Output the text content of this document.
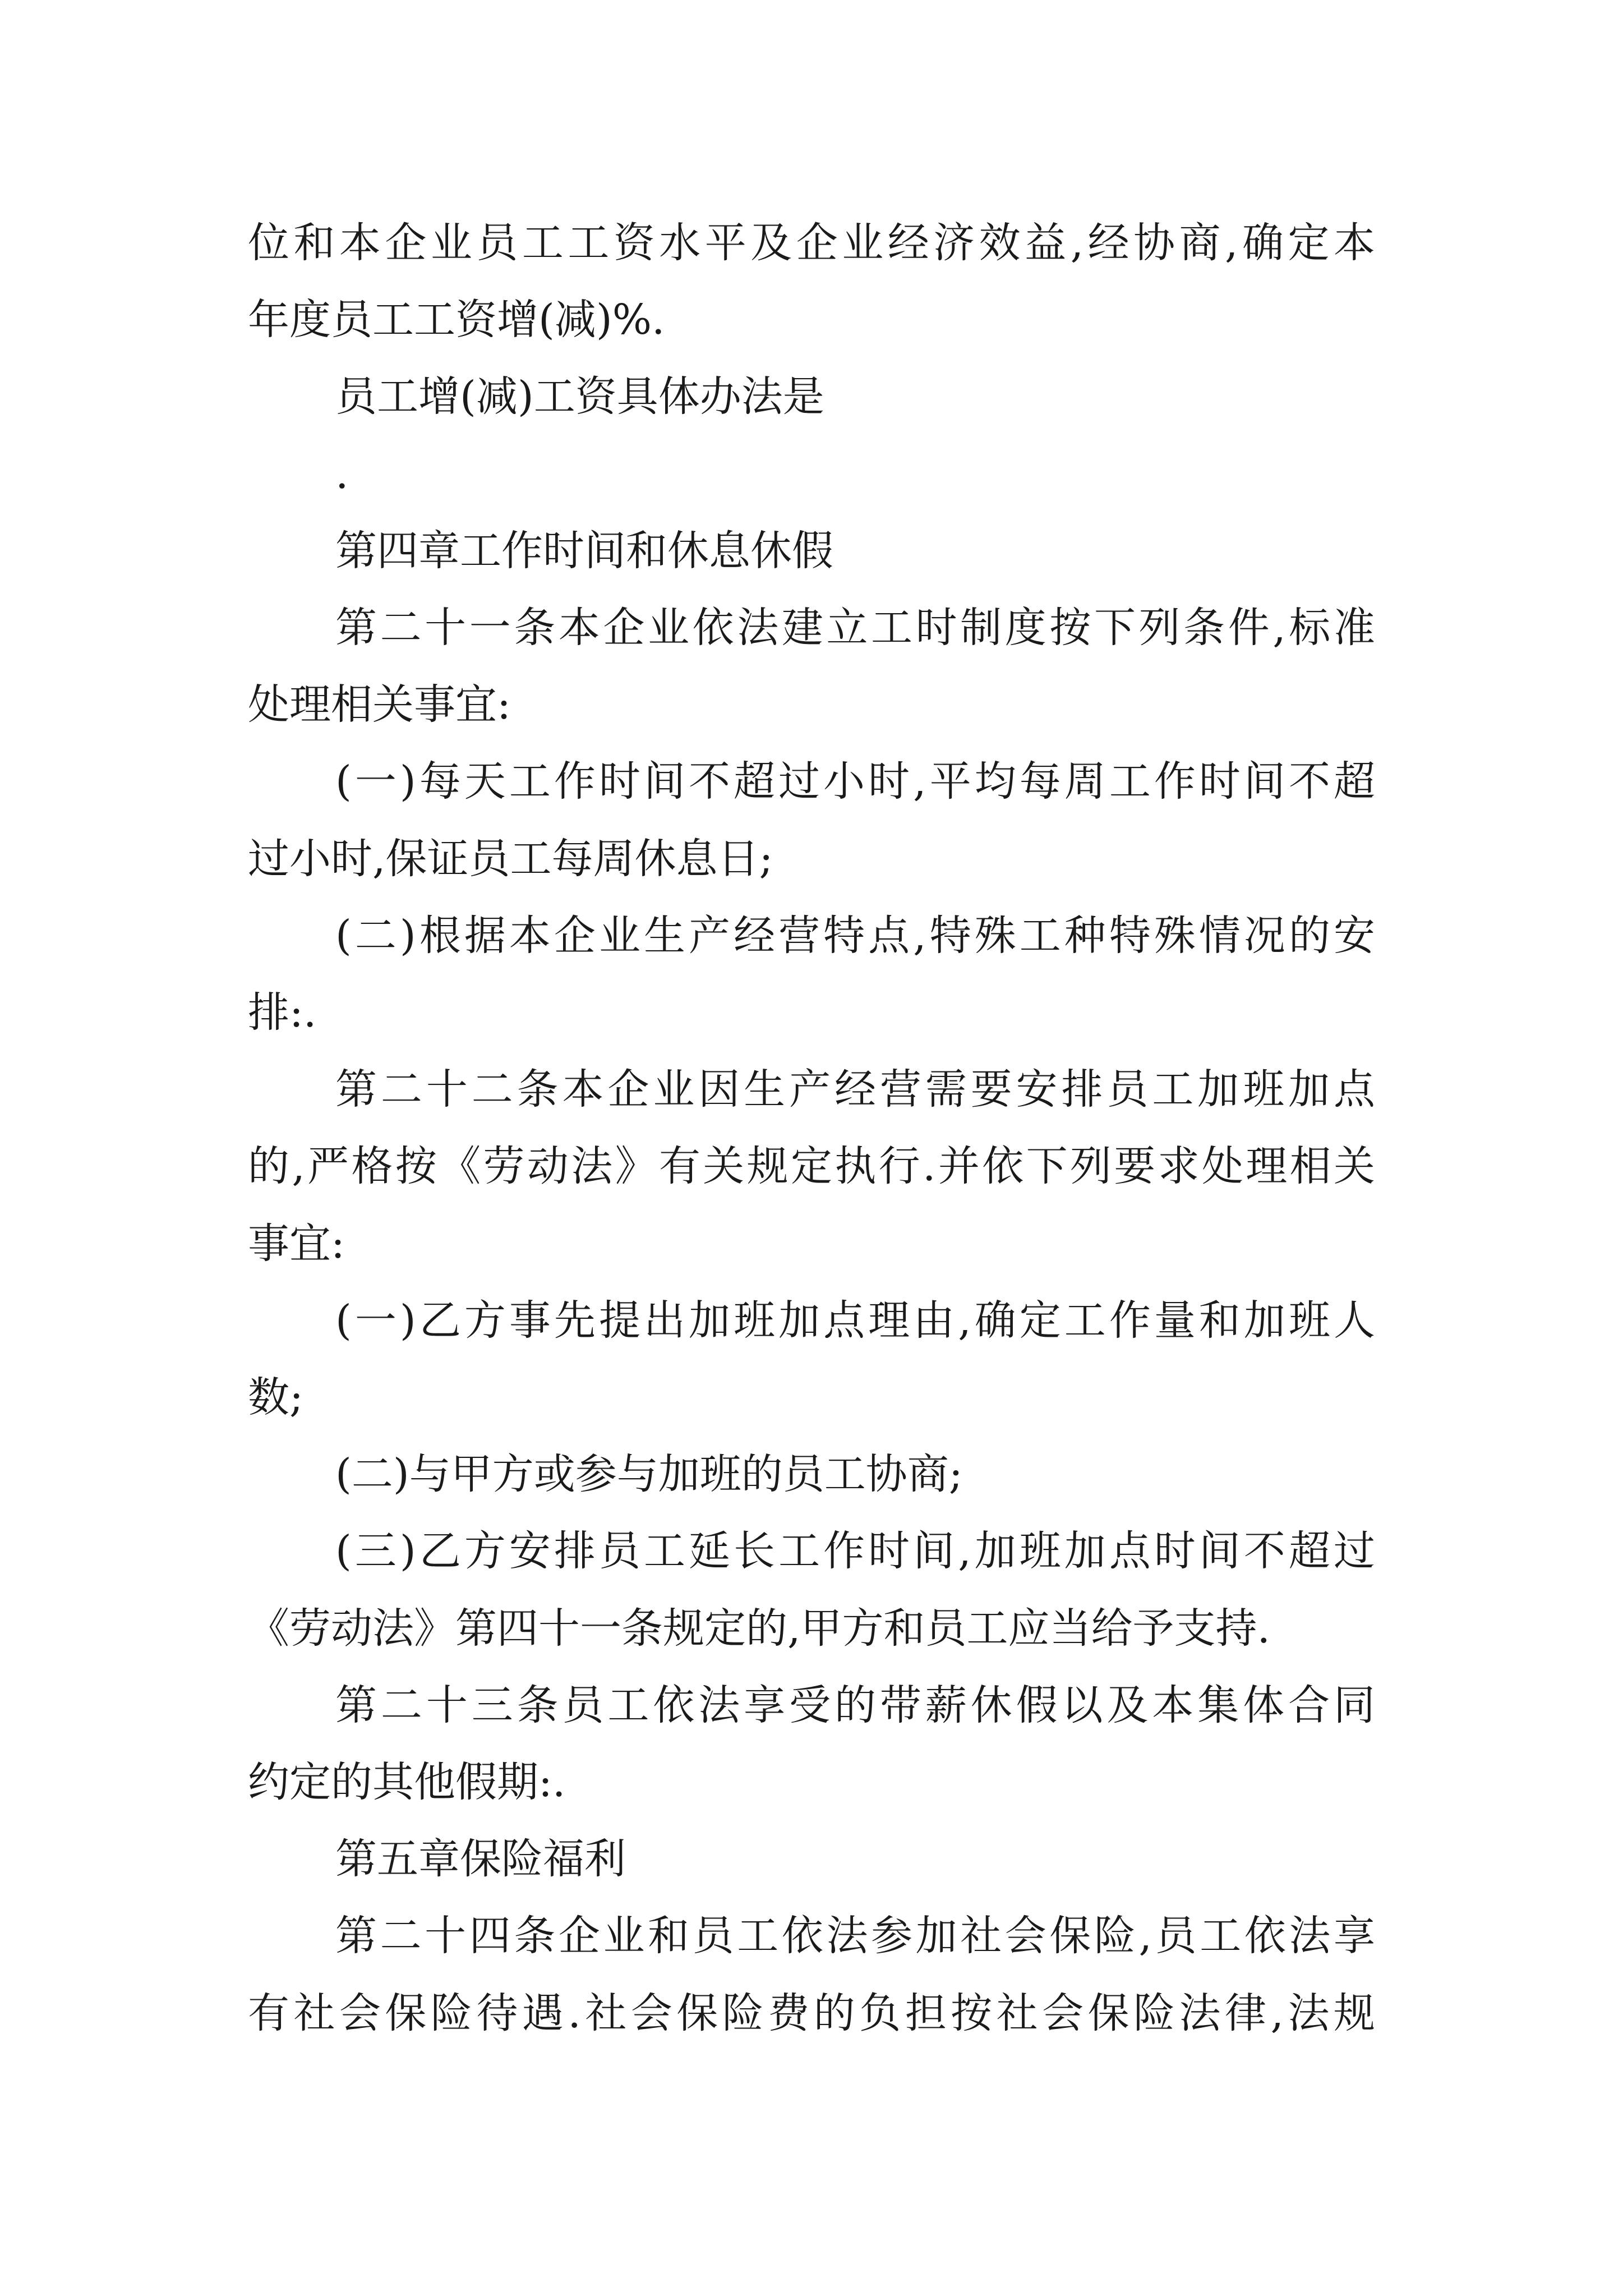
位和本企业员工工资水平及企业经济效益,经协商,确定本
年度员工工资增(减)%.
员工增(减)工资具体办法是
.
第四章工作时间和休息休假
第二十一条本企业依法建立工时制度按下列条件,标准
处理相关事宜:
(一)每天工作时间不超过小时,平均每周工作时间不超
过小时,保证员工每周休息日;
(二)根据本企业生产经营特点,特殊工种特殊情况的安
排:.
第二十二条本企业因生产经营需要安排员工加班加点
的,严格按《劳动法》有关规定执行.并依下列要求处理相关
事宜:
(一)乙方事先提出加班加点理由,确定工作量和加班人
数;
(二)与甲方或参与加班的员工协商;
(三)乙方安排员工延长工作时间,加班加点时间不超过
《劳动法》第四十一条规定的,甲方和员工应当给予支持.
第二十三条员工依法享受的带薪休假以及本集体合同
约定的其他假期:.
第五章保险福利
第二十四条企业和员工依法参加社会保险,员工依法享
有社会保险待遇.社会保险费的负担按社会保险法律,法规
